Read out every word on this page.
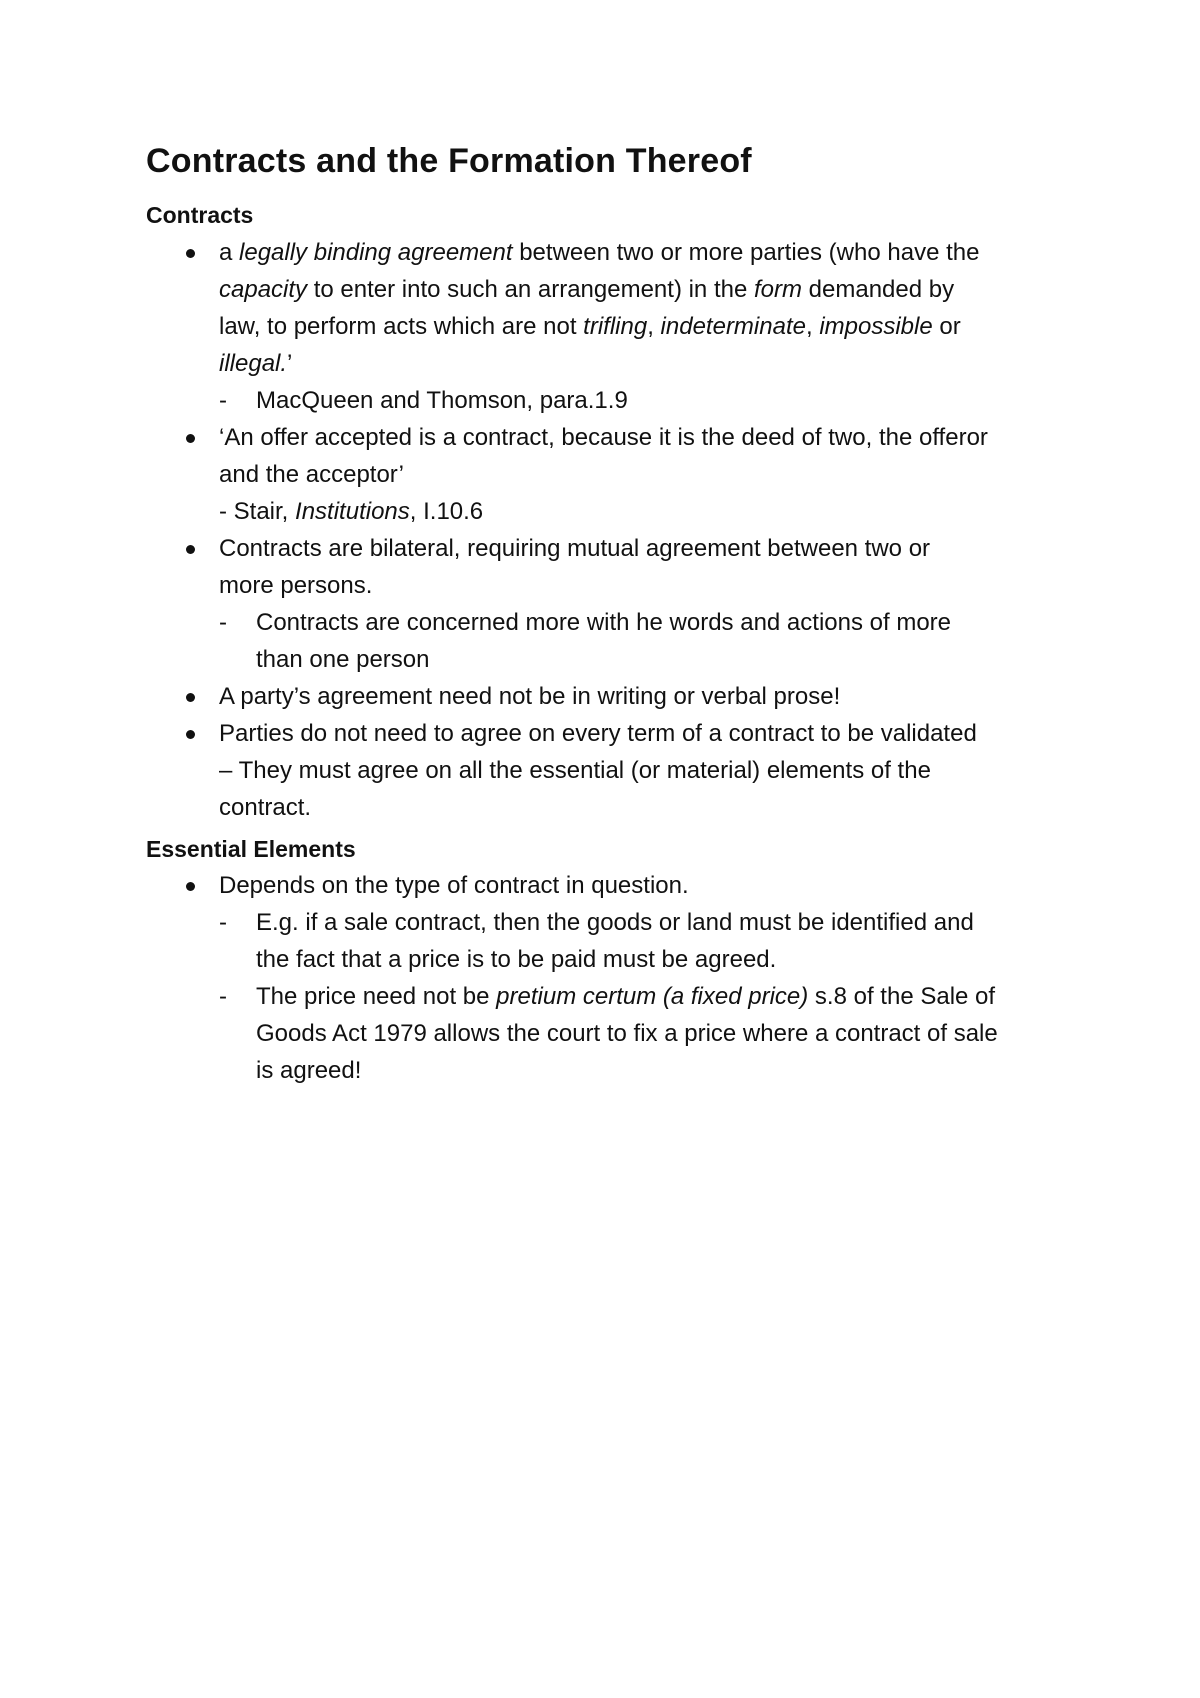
Contracts and the Formation Thereof
Contracts

a legally binding agreement between two or more parties (who have the

capacity to enter into such an arrangement) in the form demanded by

law, to perform acts which are not trifling, indeterminate, impossible or

illegal.’

- MacQueen and Thomson, para.1.9

‘An offer accepted is a contract, because it is the deed of two, the offeror

and the acceptor’

- Stair, Institutions, I.10.6

Contracts are bilateral, requiring mutual agreement between two or

more persons.

- Contracts are concerned more with he words and actions of more

than one person

A party’s agreement need not be in writing or verbal prose!

Parties do not need to agree on every term of a contract to be validated

– They must agree on all the essential (or material) elements of the

contract.

Essential Elements

Depends on the type of contract in question.

- E.g. if a sale contract, then the goods or land must be identified and

the fact that a price is to be paid must be agreed.

- The price need not be pretium certum (a fixed price) s.8 of the Sale of

Goods Act 1979 allows the court to fix a price where a contract of sale

is agreed!
